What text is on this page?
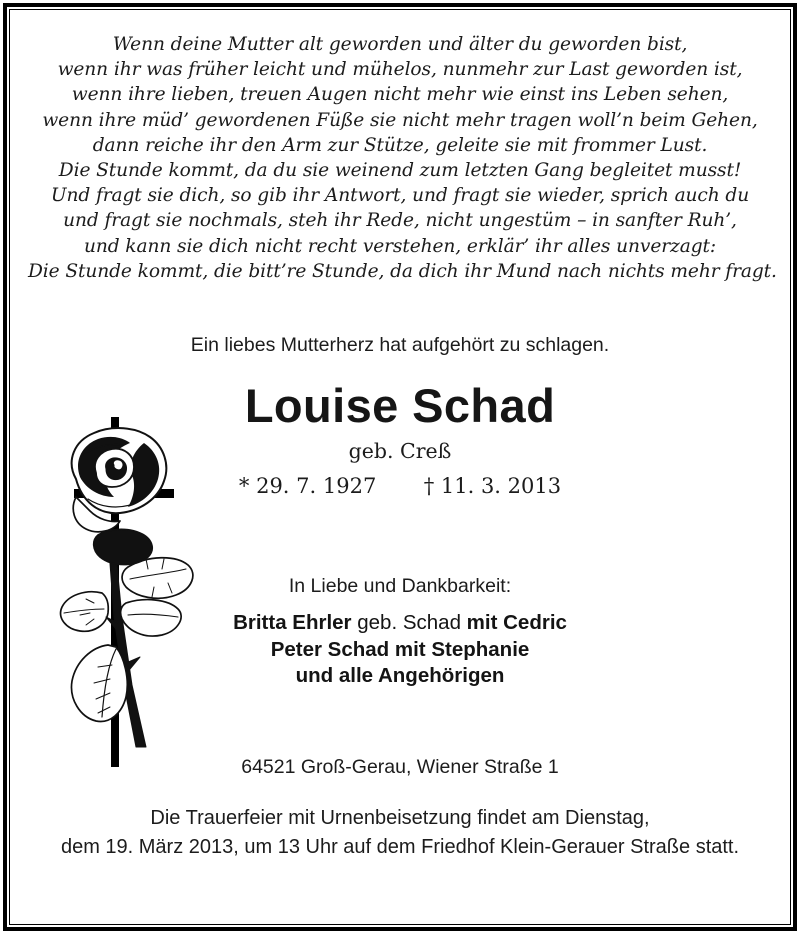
Wenn deine Mutter alt geworden und älter du geworden bist,
wenn ihr was früher leicht und mühelos, nunmehr zur Last geworden ist,
wenn ihre lieben, treuen Augen nicht mehr wie einst ins Leben sehen,
wenn ihre müd’ gewordenen Füße sie nicht mehr tragen woll’n beim Gehen,
dann reiche ihr den Arm zur Stütze, geleite sie mit frommer Lust.
Die Stunde kommt, da du sie weinend zum letzten Gang begleitet musst!
Und fragt sie dich, so gib ihr Antwort, und fragt sie wieder, sprich auch du
und fragt sie nochmals, steh ihr Rede, nicht ungestüm – in sanfter Ruh’,
und kann sie dich nicht recht verstehen, erklär’ ihr alles unverzagt:
Die Stunde kommt, die bitt’re Stunde, da dich ihr Mund nach nichts mehr fragt.
Ein liebes Mutterherz hat aufgehört zu schlagen.
Louise Schad
geb. Creß
* 29. 7. 1927 † 11. 3. 2013
In Liebe und Dankbarkeit:
Britta Ehrler geb. Schad mit Cedric
Peter Schad mit Stephanie
und alle Angehörigen
64521 Groß-Gerau, Wiener Straße 1
Die Trauerfeier mit Urnenbeisetzung findet am Dienstag,
dem 19. März 2013, um 13 Uhr auf dem Friedhof Klein-Gerauer Straße statt.
